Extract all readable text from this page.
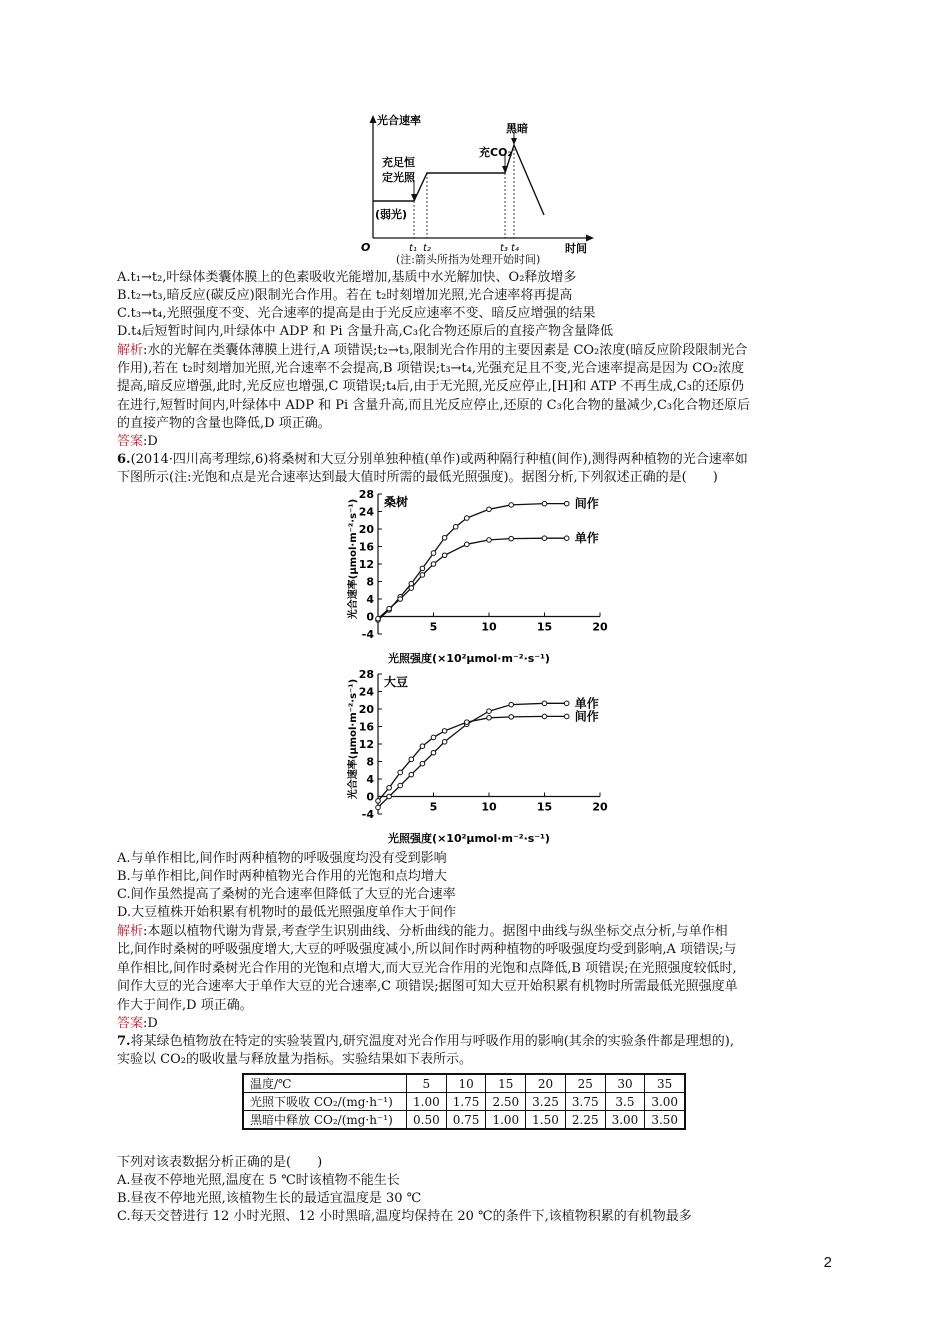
光合速率
O	时间
(弱光)
充足恒
定光照
充CO₂
黑暗
t₁ t₂	t₃ t₄
(注:箭头所指为处理开始时间)
A.t₁→t₂,叶绿体类囊体膜上的色素吸收光能增加,基质中水光解加快、O₂释放增多
B.t₂→t₃,暗反应(碳反应)限制光合作用。若在 t₂时刻增加光照,光合速率将再提高
C.t₃→t₄,光照强度不变、光合速率的提高是由于光反应速率不变、暗反应增强的结果
D.t₄后短暂时间内,叶绿体中 ADP 和 Pi 含量升高,C₃化合物还原后的直接产物含量降低
解析:水的光解在类囊体薄膜上进行,A 项错误;t₂→t₃,限制光合作用的主要因素是 CO₂浓度(暗反应阶段限制光合
作用),若在 t₂时刻增加光照,光合速率不会提高,B 项错误;t₃→t₄,光强充足且不变,光合速率提高是因为 CO₂浓度
提高,暗反应增强,此时,光反应也增强,C 项错误;t₄后,由于无光照,光反应停止,[H]和 ATP 不再生成,C₃的还原仍
在进行,短暂时间内,叶绿体中 ADP 和 Pi 含量升高,而且光反应停止,还原的 C₃化合物的量减少,C₃化合物还原后
的直接产物的含量也降低,D 项正确。
答案:D
6.(2014·四川高考理综,6)将桑树和大豆分别单独种植(单作)或两种隔行种植(间作),测得两种植物的光合速率如
下图所示(注:光饱和点是光合速率达到最大值时所需的最低光照强度)。据图分析,下列叙述正确的是(　　)
-4
0
4
8
12
16
20
24
28
5	10	15	20
桑树
光照强度(×10²μmol·m⁻²·s⁻¹)
光合速率(μmol·m⁻²·s⁻¹)	间作
单作
-4
0
4
8
12
16
20
24
28
5	10	15	20
大豆
光照强度(×10²μmol·m⁻²·s⁻¹)
光合速率(μmol·m⁻²·s⁻¹)	单作
间作
A.与单作相比,间作时两种植物的呼吸强度均没有受到影响
B.与单作相比,间作时两种植物光合作用的光饱和点均增大
C.间作虽然提高了桑树的光合速率但降低了大豆的光合速率
D.大豆植株开始积累有机物时的最低光照强度单作大于间作
解析:本题以植物代谢为背景,考查学生识别曲线、分析曲线的能力。据图中曲线与纵坐标交点分析,与单作相
比,间作时桑树的呼吸强度增大,大豆的呼吸强度减小,所以间作时两种植物的呼吸强度均受到影响,A 项错误;与
单作相比,间作时桑树光合作用的光饱和点增大,而大豆光合作用的光饱和点降低,B 项错误;在光照强度较低时,
间作大豆的光合速率大于单作大豆的光合速率,C 项错误;据图可知大豆开始积累有机物时所需最低光照强度单
作大于间作,D 项正确。
答案:D
7.将某绿色植物放在特定的实验装置内,研究温度对光合作用与呼吸作用的影响(其余的实验条件都是理想的),
实验以 CO₂的吸收量与释放量为指标。实验结果如下表所示。
温度/℃	5	10	15	20	25	30	35
光照下吸收 CO₂/(mg·h⁻¹)	1.00	1.75	2.50	3.25	3.75	3.5	3.00
黑暗中释放 CO₂/(mg·h⁻¹)	0.50	0.75	1.00	1.50	2.25	3.00	3.50
下列对该表数据分析正确的是(　　)
A.昼夜不停地光照,温度在 5 ℃时该植物不能生长
B.昼夜不停地光照,该植物生长的最适宜温度是 30 ℃
C.每天交替进行 12 小时光照、12 小时黑暗,温度均保持在 20 ℃的条件下,该植物积累的有机物最多
2
